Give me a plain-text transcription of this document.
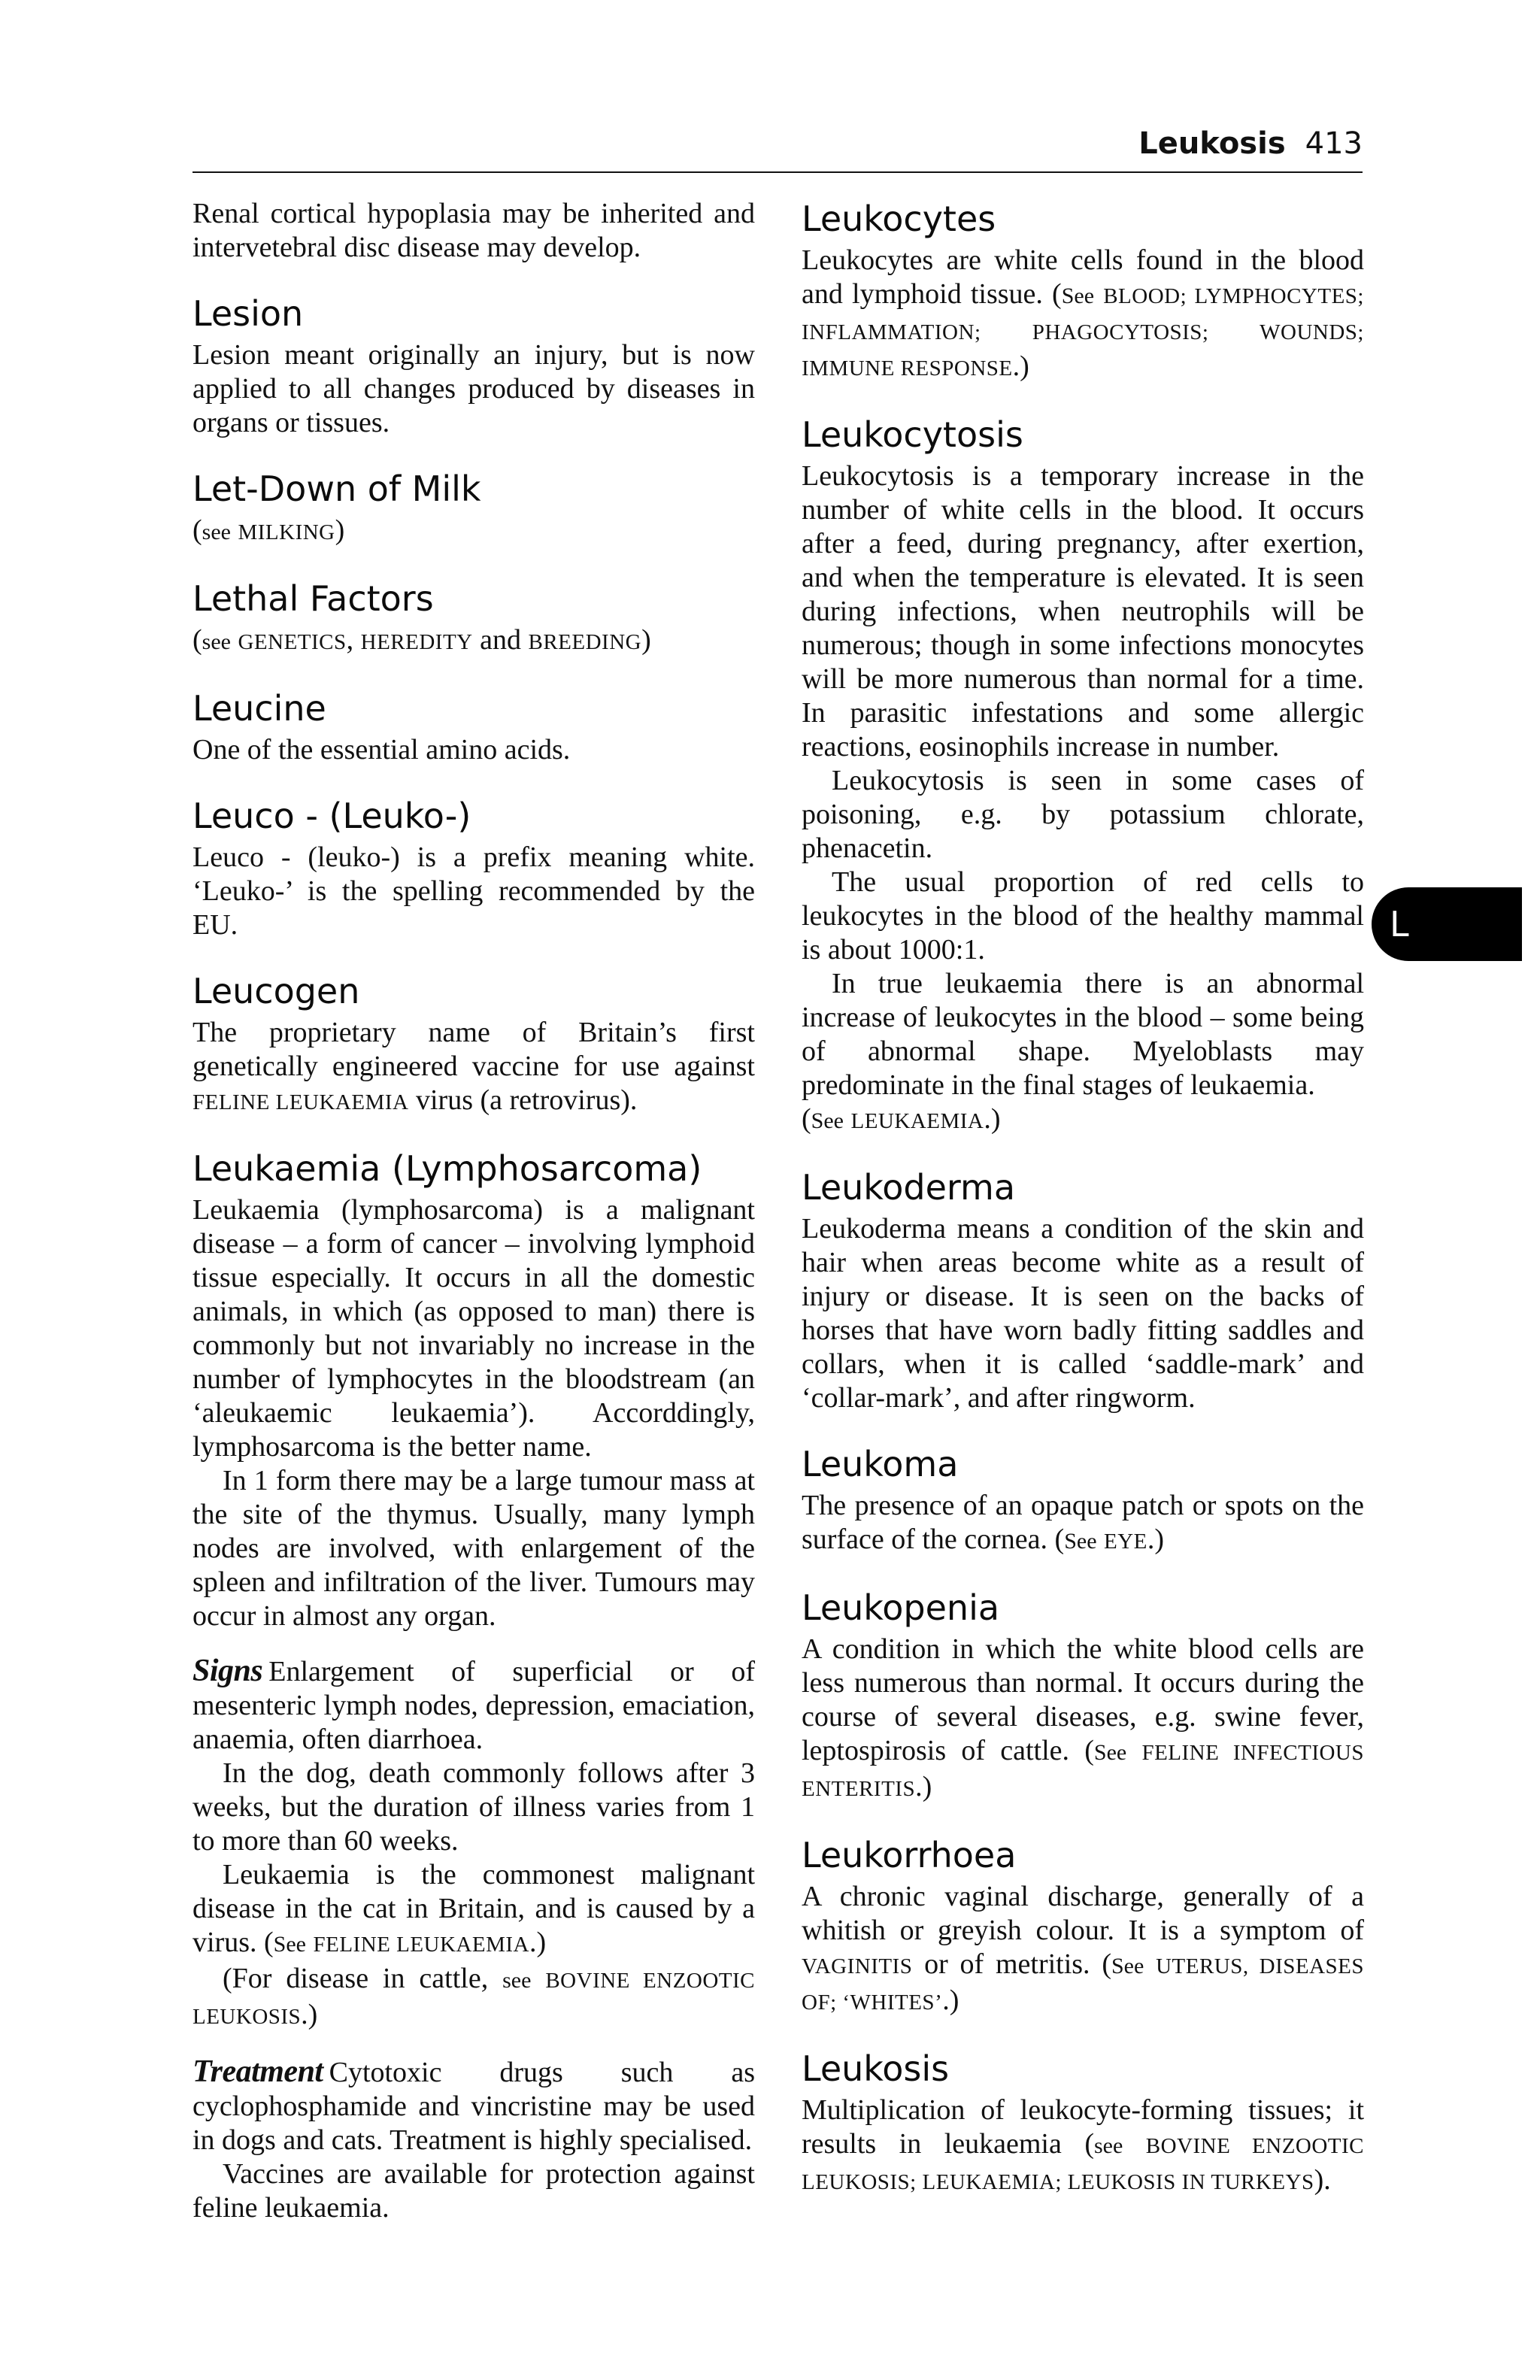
Leukosis 413

Renal cortical hypoplasia may be inherited and intervetebral disc disease may develop.

Lesion

Lesion meant originally an injury, but is now applied to all changes produced by diseases in organs or tissues.

Let-Down of Milk

(see MILKING)

Lethal Factors

(see GENETICS, HEREDITY and BREEDING)

Leucine

One of the essential amino acids.

Leuco - (Leuko-)

Leuco - (leuko-) is a prefix meaning white. ‘Leuko-’ is the spelling recommended by the EU.

Leucogen

The proprietary name of Britain’s first genetically engineered vaccine for use against FELINE LEUKAEMIA virus (a retrovirus).

Leukaemia (Lymphosarcoma)

Leukaemia (lymphosarcoma) is a malignant disease – a form of cancer – involving lymphoid tissue especially. It occurs in all the domestic animals, in which (as opposed to man) there is commonly but not invariably no increase in the number of lymphocytes in the bloodstream (an ‘aleukaemic leukaemia’). Accorddingly, lymphosarcoma is the better name.

In 1 form there may be a large tumour mass at the site of the thymus. Usually, many lymph nodes are involved, with enlargement of the spleen and infiltration of the liver. Tumours may occur in almost any organ.

Signs Enlargement of superficial or of mesenteric lymph nodes, depression, emaciation, anaemia, often diarrhoea.

In the dog, death commonly follows after 3 weeks, but the duration of illness varies from 1 to more than 60 weeks.

Leukaemia is the commonest malignant disease in the cat in Britain, and is caused by a virus. (See FELINE LEUKAEMIA.)

(For disease in cattle, see BOVINE ENZOOTIC LEUKOSIS.)

Treatment Cytotoxic drugs such as cyclophosphamide and vincristine may be used in dogs and cats. Treatment is highly specialised.

Vaccines are available for protection against feline leukaemia.

Leukocytes

Leukocytes are white cells found in the blood and lymphoid tissue. (See BLOOD; LYMPHOCYTES; INFLAMMATION; PHAGOCYTOSIS; WOUNDS; IMMUNE RESPONSE.)

Leukocytosis

Leukocytosis is a temporary increase in the number of white cells in the blood. It occurs after a feed, during pregnancy, after exertion, and when the temperature is elevated. It is seen during infections, when neutrophils will be numerous; though in some infections monocytes will be more numerous than normal for a time. In parasitic infestations and some allergic reactions, eosinophils increase in number.

Leukocytosis is seen in some cases of poisoning, e.g. by potassium chlorate, phenacetin.

The usual proportion of red cells to leukocytes in the blood of the healthy mammal is about 1000:1.

In true leukaemia there is an abnormal increase of leukocytes in the blood – some being of abnormal shape. Myeloblasts may predominate in the final stages of leukaemia.

(See LEUKAEMIA.)

Leukoderma

Leukoderma means a condition of the skin and hair when areas become white as a result of injury or disease. It is seen on the backs of horses that have worn badly fitting saddles and collars, when it is called ‘saddle-mark’ and ‘collar-mark’, and after ringworm.

Leukoma

The presence of an opaque patch or spots on the surface of the cornea. (See EYE.)

Leukopenia

A condition in which the white blood cells are less numerous than normal. It occurs during the course of several diseases, e.g. swine fever, leptospirosis of cattle. (See FELINE INFECTIOUS ENTERITIS.)

Leukorrhoea

A chronic vaginal discharge, generally of a whitish or greyish colour. It is a symptom of VAGINITIS or of metritis. (See UTERUS, DISEASES OF; ‘WHITES’.)

Leukosis

Multiplication of leukocyte-forming tissues; it results in leukaemia (see BOVINE ENZOOTIC LEUKOSIS; LEUKAEMIA; LEUKOSIS IN TURKEYS).

L
